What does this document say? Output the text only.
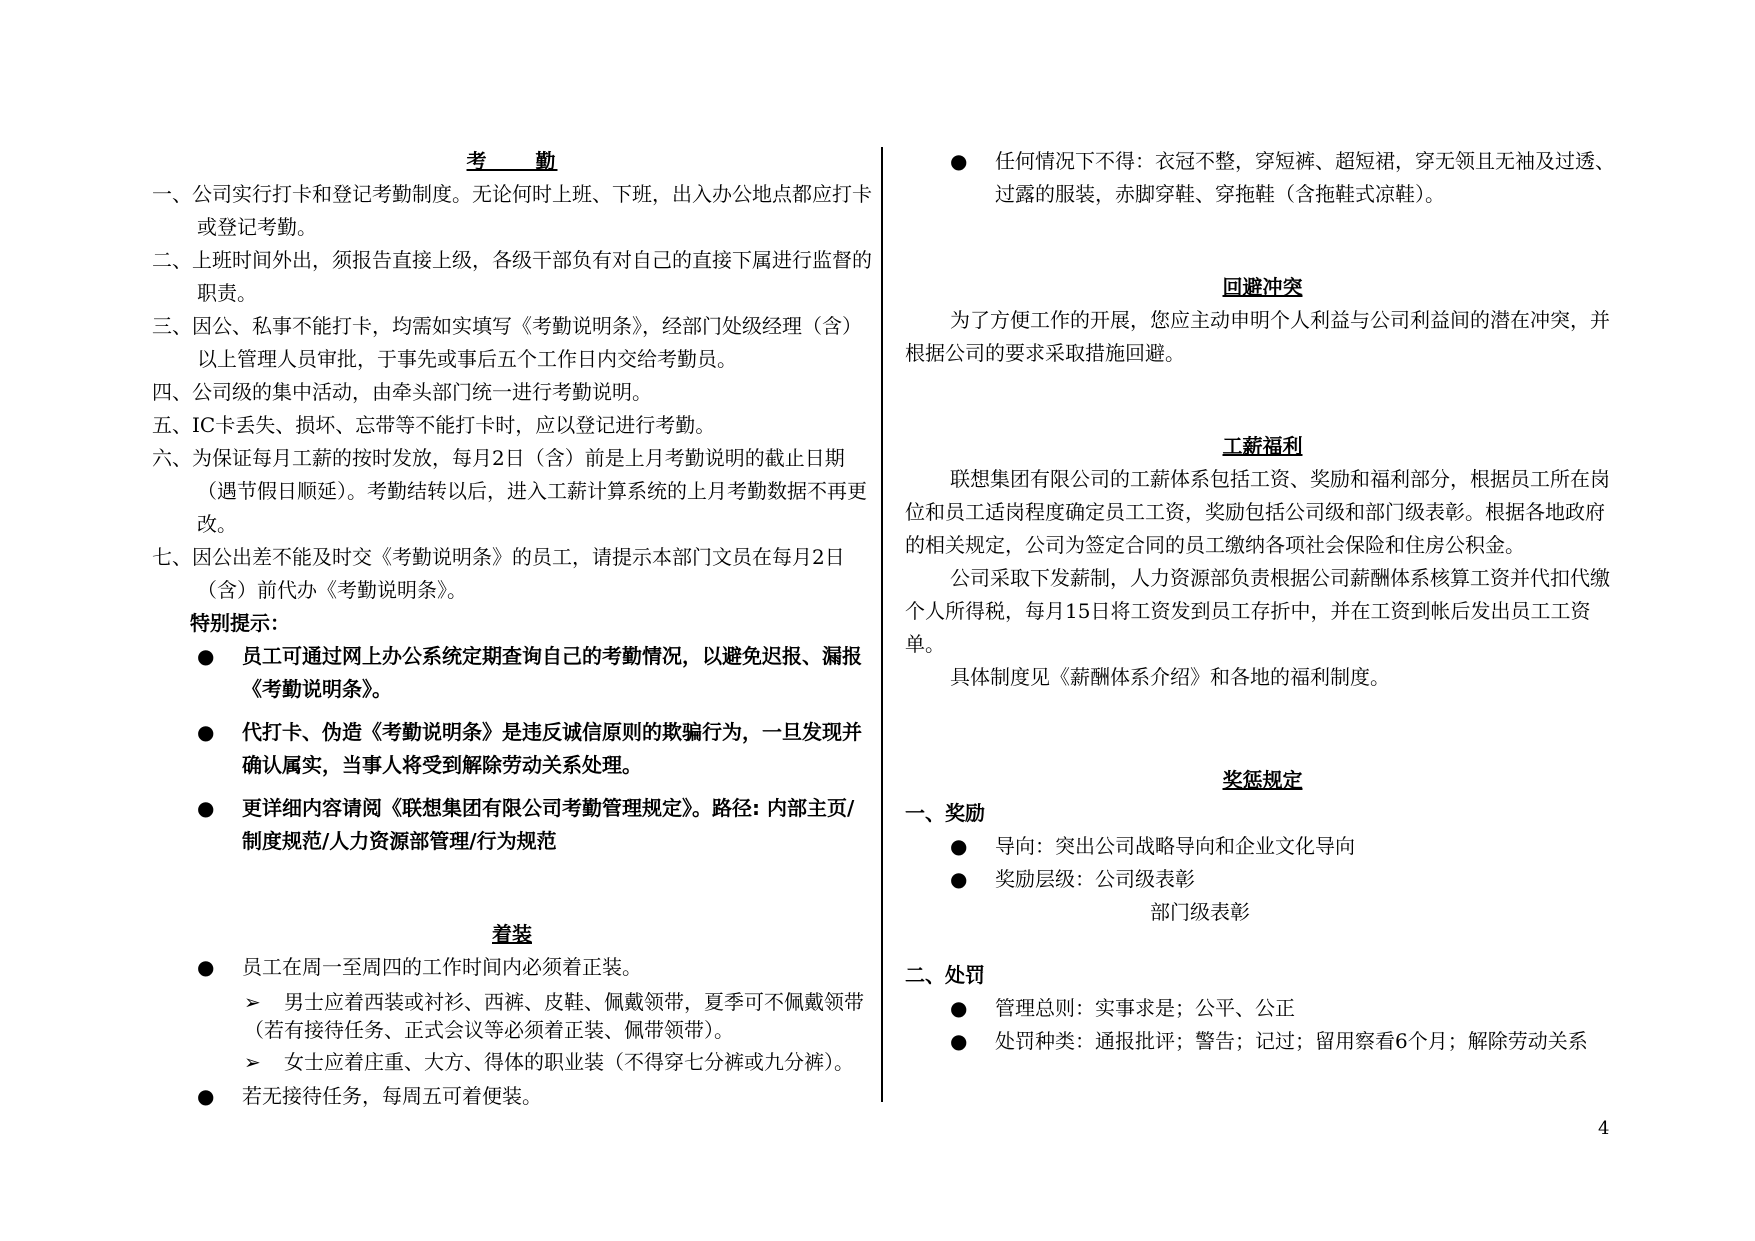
考 勤
一、公司实行打卡和登记考勤制度。无论何时上班、下班，出入办公地点都应打卡或登记考勤。
二、上班时间外出，须报告直接上级，各级干部负有对自己的直接下属进行监督的职责。
三、因公、私事不能打卡，均需如实填写《考勤说明条》，经部门处级经理（含）以上管理人员审批，于事先或事后五个工作日内交给考勤员。
四、公司级的集中活动，由牵头部门统一进行考勤说明。
五、IC卡丢失、损坏、忘带等不能打卡时，应以登记进行考勤。
六、为保证每月工薪的按时发放，每月2日（含）前是上月考勤说明的截止日期（遇节假日顺延）。考勤结转以后，进入工薪计算系统的上月考勤数据不再更改。
七、因公出差不能及时交《考勤说明条》的员工，请提示本部门文员在每月2日（含）前代办《考勤说明条》。
特别提示：
● 员工可通过网上办公系统定期查询自己的考勤情况，以避免迟报、漏报《考勤说明条》。
● 代打卡、伪造《考勤说明条》是违反诚信原则的欺骗行为，一旦发现并确认属实，当事人将受到解除劳动关系处理。
● 更详细内容请阅《联想集团有限公司考勤管理规定》。路径: 内部主页/制度规范/人力资源部管理/行为规范
着装
● 员工在周一至周四的工作时间内必须着正装。
➢ 男士应着西装或衬衫、西裤、皮鞋、佩戴领带，夏季可不佩戴领带（若有接待任务、正式会议等必须着正装、佩带领带）。
➢ 女士应着庄重、大方、得体的职业装（不得穿七分裤或九分裤）。
● 若无接待任务，每周五可着便装。
● 任何情况下不得：衣冠不整，穿短裤、超短裙，穿无领且无袖及过透、过露的服装，赤脚穿鞋、穿拖鞋（含拖鞋式凉鞋）。
回避冲突
为了方便工作的开展，您应主动申明个人利益与公司利益间的潜在冲突，并根据公司的要求采取措施回避。
工薪福利
联想集团有限公司的工薪体系包括工资、奖励和福利部分，根据员工所在岗位和员工适岗程度确定员工工资，奖励包括公司级和部门级表彰。根据各地政府的相关规定，公司为签定合同的员工缴纳各项社会保险和住房公积金。
公司采取下发薪制，人力资源部负责根据公司薪酬体系核算工资并代扣代缴个人所得税，每月15日将工资发到员工存折中，并在工资到帐后发出员工工资单。
具体制度见《薪酬体系介绍》和各地的福利制度。
奖惩规定
一、奖励
● 导向：突出公司战略导向和企业文化导向
● 奖励层级：公司级表彰
部门级表彰
二、处罚
● 管理总则：实事求是；公平、公正
● 处罚种类：通报批评；警告；记过；留用察看6个月；解除劳动关系
4
